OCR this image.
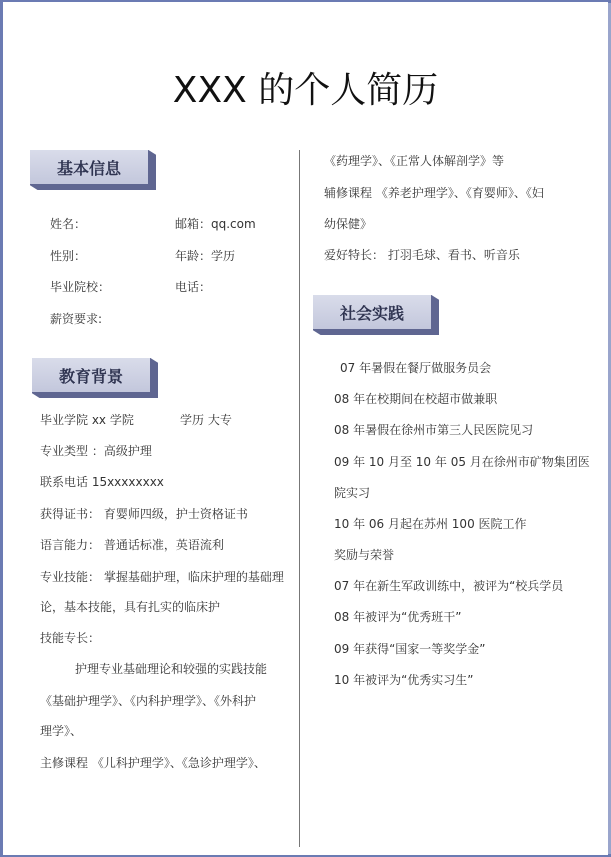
XXX 的个人简历
基本信息
姓名：	邮箱：qq.com
性别：	年龄：学历
毕业院校：	电话：
薪资要求:
教育背景
毕业学院 xx 学院	学历 大专
专业类型 ：高级护理
联系电话 15xxxxxxxx
获得证书： 育婴师四级，护士资格证书
语言能力： 普通话标准，英语流利
专业技能： 掌握基础护理，临床护理的基础理
论，基本技能，具有扎实的临床护
技能专长：
护理专业基础理论和较强的实践技能
《基础护理学》、《内科护理学》、《外科护
理学》、
主修课程 《儿科护理学》、《急诊护理学》、
《药理学》、《正常人体解剖学》等
辅修课程 《养老护理学》、《育婴师》、《妇
幼保健》
爱好特长： 打羽毛球、看书、听音乐
社会实践
07 年暑假在餐厅做服务员会
08 年在校期间在校超市做兼职
08 年暑假在徐州市第三人民医院见习
09 年 10 月至 10 年 05 月在徐州市矿物集团医
院实习
10 年 06 月起在苏州 100 医院工作
奖励与荣誉
07 年在新生军政训练中，被评为“校兵学员
08 年被评为“优秀班干”
09 年获得“国家一等奖学金”
10 年被评为“优秀实习生”
